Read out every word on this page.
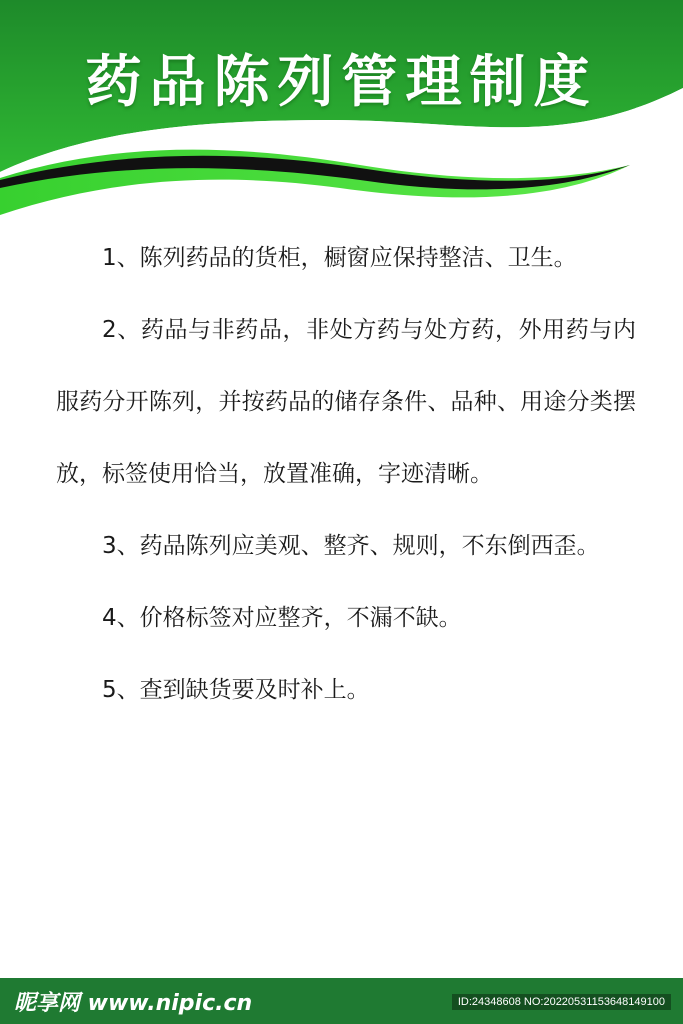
药品陈列管理制度

1、陈列药品的货柜，橱窗应保持整洁、卫生。

2、药品与非药品，非处方药与处方药，外用药与内服药分开陈列，并按药品的储存条件、品种、用途分类摆放，标签使用恰当，放置准确，字迹清晰。

3、药品陈列应美观、整齐、规则，不东倒西歪。

4、价格标签对应整齐，不漏不缺。

5、查到缺货要及时补上。

昵享网 www.nipic.cn	ID:24348608 NO:20220531153648149100
